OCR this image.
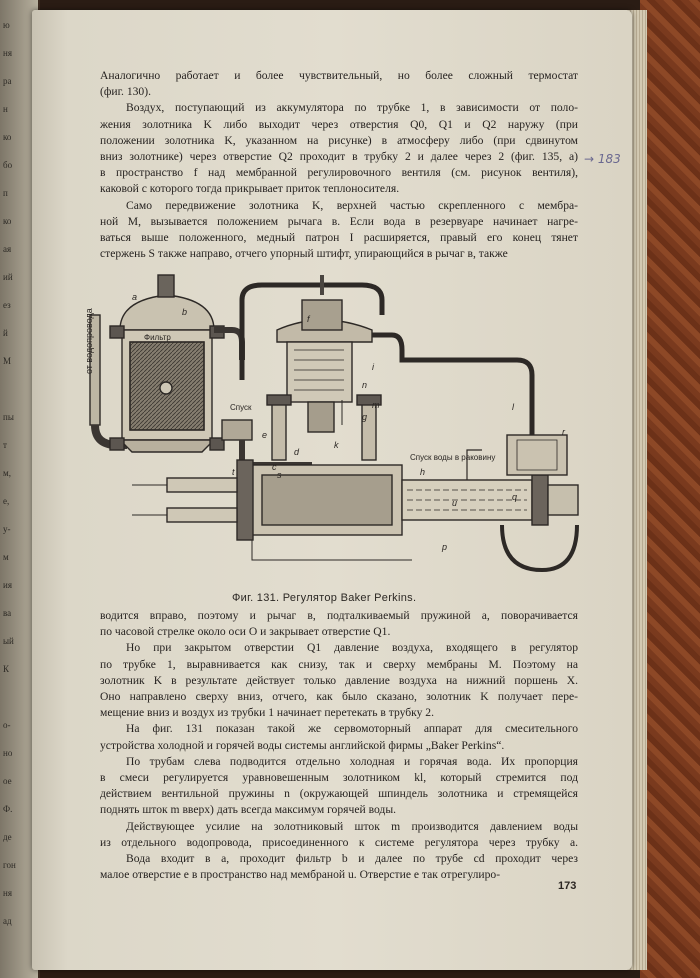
ю
ня
ра
н
ко
бо
п
ко
ая
ий
ез
й
М
пы
т
м,
е,
у-
м
ия
ва
ый
К
о-
но
ое
Ф.
де
гон
ня
ад
→ 183
Аналогично работает и более чувствительный, но более сложный термостат
(фиг. 130).
Воздух, поступающий из аккумулятора по трубке 1, в зависимости от поло-
жения золотника K либо выходит через отверстия Q0, Q1 и Q2 наружу (при
положении золотника K, указанном на рисунке) в атмосферу либо (при сдвинутом
вниз золотнике) через отверстие Q2 проходит в трубку 2 и далее через 2 (фиг. 135, a)
в пространство f над мембранной регулировочного вентиля (см. рисунок вентиля),
каковой с которого тогда прикрывает приток теплоносителя.
Само передвижение золотника K, верхней частью скрепленного с мембра-
ной M, вызывается положением рычага в. Если вода в резервуаре начинает нагре-
ваться выше положенного, медный патрон I расширяется, правый его конец тянет
стержень S также направо, отчего упорный штифт, упирающийся в рычаг в, также
от водопровода	Фильтр
Спуск
Спуск воды в раковину
a
b
c
d
e
f
g
h
i
k
l
m
n
p
q
r
s
t
u
Фиг. 131. Регулятор Baker Perkins.
водится вправо, поэтому и рычаг в, подталкиваемый пружиной a, поворачивается
по часовой стрелке около оси O и закрывает отверстие Q1.
Но при закрытом отверстии Q1 давление воздуха, входящего в регулятор
по трубке 1, выравнивается как снизу, так и сверху мембраны M. Поэтому на
золотник K в результате действует только давление воздуха на нижний поршень X.
Оно направлено сверху вниз, отчего, как было сказано, золотник K получает пере-
мещение вниз и воздух из трубки 1 начинает перетекать в трубку 2.
На фиг. 131 показан такой же сервомоторный аппарат для смесительного
устройства холодной и горячей воды системы английской фирмы „Baker Perkins“.
По трубам слева подводится отдельно холодная и горячая вода. Их пропорция
в смеси регулируется уравновешенным золотником kl, который стремится под
действием вентильной пружины n (окружающей шпиндель золотника и стремящейся
поднять шток m вверх) дать всегда максимум горячей воды.
Действующее усилие на золотниковый шток m производится давлением воды
из отдельного водопровода, присоединенного к системе регулятора через трубку a.
Вода входит в a, проходит фильтр b и далее по трубе cd проходит через
малое отверстие e в пространство над мембраной u. Отверстие e так отрегулиро-
173
